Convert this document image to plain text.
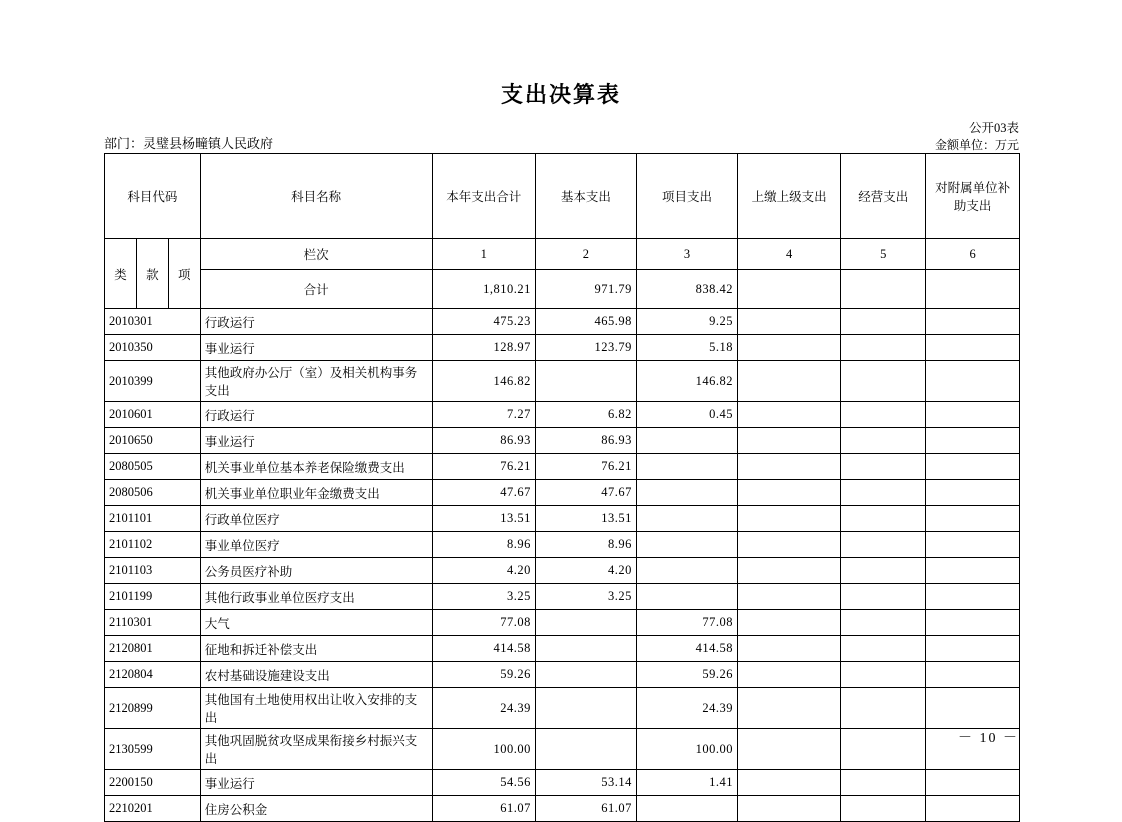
支出决算表
公开03表
部门：灵璧县杨疃镇人民政府	金额单位：万元
科目代码			科目名称	本年支出合计	基本支出	项目支出	上缴上级支出	经营支出	对附属单位补助支出
类	款	项	栏次	1	2	3	4	5	6
			合计	1,810.21	971.79	838.42			
2010301			行政运行	475.23	465.98	9.25			
2010350			事业运行	128.97	123.79	5.18			
2010399			其他政府办公厅（室）及相关机构事务支出	146.82		146.82			
2010601			行政运行	7.27	6.82	0.45			
2010650			事业运行	86.93	86.93				
2080505			机关事业单位基本养老保险缴费支出	76.21	76.21				
2080506			机关事业单位职业年金缴费支出	47.67	47.67				
2101101			行政单位医疗	13.51	13.51				
2101102			事业单位医疗	8.96	8.96				
2101103			公务员医疗补助	4.20	4.20				
2101199			其他行政事业单位医疗支出	3.25	3.25				
2110301			大气	77.08		77.08			
2120801			征地和拆迁补偿支出	414.58		414.58			
2120804			农村基础设施建设支出	59.26		59.26			
2120899			其他国有土地使用权出让收入安排的支出	24.39		24.39			
2130599			其他巩固脱贫攻坚成果衔接乡村振兴支出	100.00		100.00			
2200150			事业运行	54.56	53.14	1.41			
2210201			住房公积金	61.07	61.07				
－ 10 －
